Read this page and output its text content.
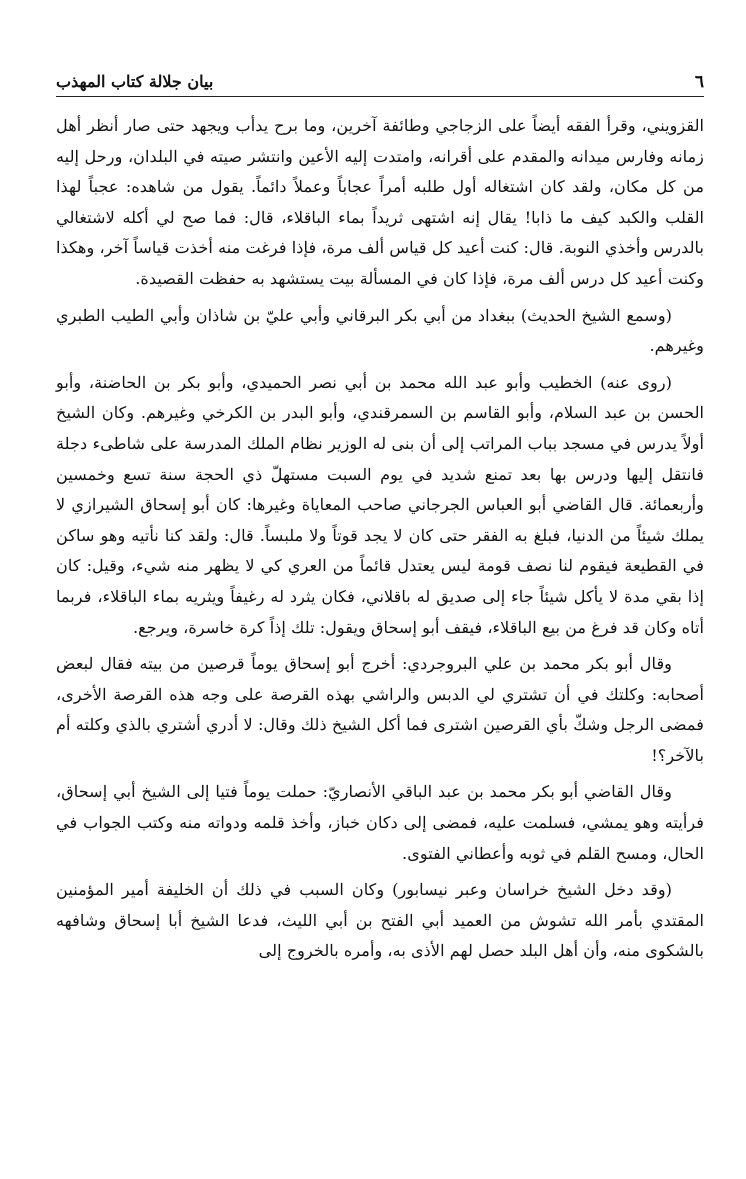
٦
بيان جلالة كتاب المهذب

القزويني، وقرأ الفقه أيضاً على الزجاجي وطائفة آخرين، وما برح يدأب ويجهد حتى صار أنظر أهل زمانه وفارس ميدانه والمقدم على أقرانه، وامتدت إليه الأعين وانتشر صيته في البلدان، ورحل إليه من كل مكان، ولقد كان اشتغاله أول طلبه أمراً عجاباً وعملاً دائماً. يقول من شاهده: عجباً لهذا القلب والكبد كيف ما ذابا! يقال إنه اشتهى ثريداً بماء الباقلاء، قال: فما صح لي أكله لاشتغالي بالدرس وأخذي النوبة. قال: كنت أعيد كل قياس ألف مرة، فإذا فرغت منه أخذت قياساً آخر، وهكذا وكنت أعيد كل درس ألف مرة، فإذا كان في المسألة بيت يستشهد به حفظت القصيدة.

(وسمع الشيخ الحديث) ببغداد من أبي بكر البرقاني وأبي عليّ بن شاذان وأبي الطيب الطبري وغيرهم.

(روى عنه) الخطيب وأبو عبد الله محمد بن أبي نصر الحميدي، وأبو بكر بن الحاضنة، وأبو الحسن بن عبد السلام، وأبو القاسم بن السمرقندي، وأبو البدر بن الكرخي وغيرهم. وكان الشيخ أولاً يدرس في مسجد بباب المراتب إلى أن بنى له الوزير نظام الملك المدرسة على شاطىء دجلة فانتقل إليها ودرس بها بعد تمنع شديد في يوم السبت مستهلّ ذي الحجة سنة تسع وخمسين وأربعمائة. قال القاضي أبو العباس الجرجاني صاحب المعاياة وغيرها: كان أبو إسحاق الشيرازي لا يملك شيئاً من الدنيا، فبلغ به الفقر حتى كان لا يجد قوتاً ولا ملبساً. قال: ولقد كنا نأتيه وهو ساكن في القطيعة فيقوم لنا نصف قومة ليس يعتدل قائماً من العري كي لا يظهر منه شيء، وقيل: كان إذا بقي مدة لا يأكل شيئاً جاء إلى صديق له باقلاني، فكان يثرد له رغيفاً ويثريه بماء الباقلاء، فربما أتاه وكان قد فرغ من بيع الباقلاء، فيقف أبو إسحاق ويقول: تلك إذاً كرة خاسرة، ويرجع.

وقال أبو بكر محمد بن علي البروجردي: أخرج أبو إسحاق يوماً قرصين من بيته فقال لبعض أصحابه: وكلتك في أن تشتري لي الدبس والراشي بهذه القرصة على وجه هذه القرصة الأخرى، فمضى الرجل وشكّ بأي القرصين اشترى فما أكل الشيخ ذلك وقال: لا أدري أشتري بالذي وكلته أم بالآخر؟!

وقال القاضي أبو بكر محمد بن عبد الباقي الأنصاريّ: حملت يوماً فتيا إلى الشيخ أبي إسحاق، فرأيته وهو يمشي، فسلمت عليه، فمضى إلى دكان خباز، وأخذ قلمه ودواته منه وكتب الجواب في الحال، ومسح القلم في ثوبه وأعطاني الفتوى.

(وقد دخل الشيخ خراسان وعبر نيسابور) وكان السبب في ذلك أن الخليفة أمير المؤمنين المقتدي بأمر الله تشوش من العميد أبي الفتح بن أبي الليث، فدعا الشيخ أبا إسحاق وشافهه بالشكوى منه، وأن أهل البلد حصل لهم الأذى به، وأمره بالخروج إلى
